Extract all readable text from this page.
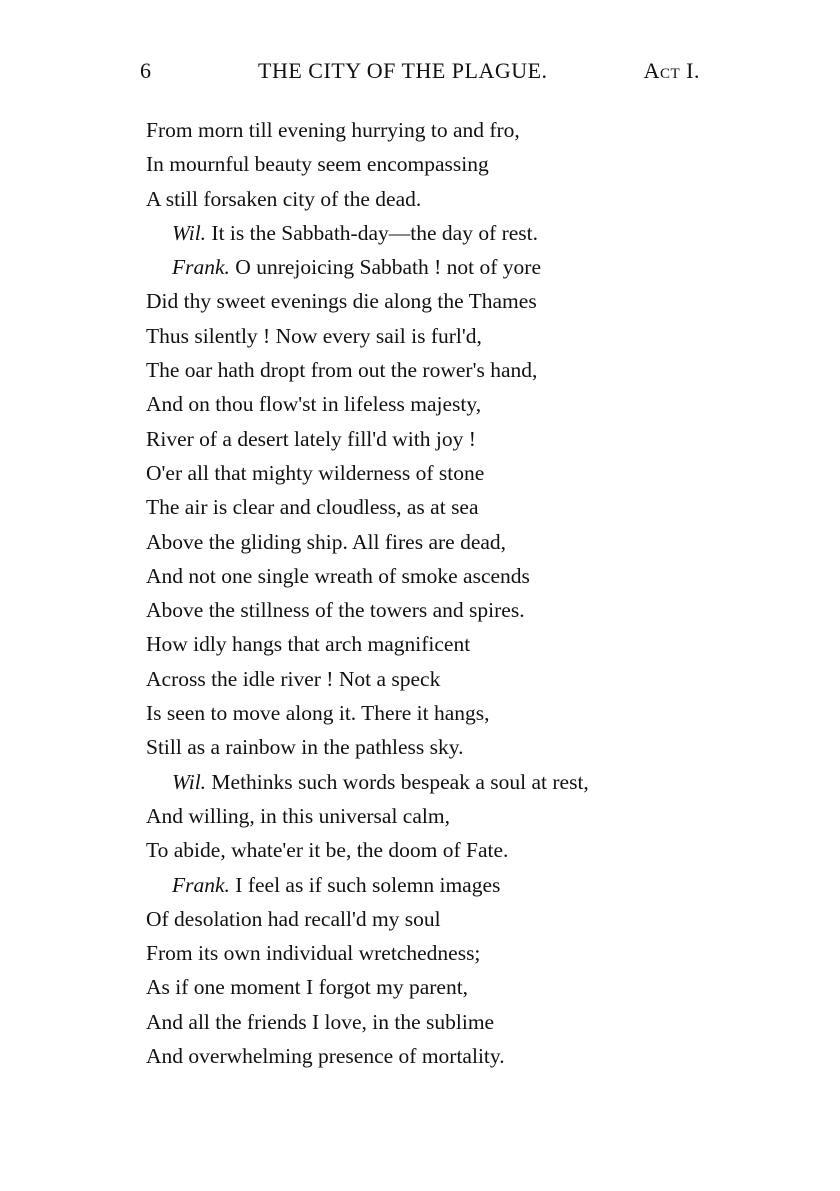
6	THE CITY OF THE PLAGUE.	Act I.
From morn till evening hurrying to and fro,
In mournful beauty seem encompassing
A still forsaken city of the dead.
Wil. It is the Sabbath-day—the day of rest.
Frank. O unrejoicing Sabbath ! not of yore
Did thy sweet evenings die along the Thames
Thus silently ! Now every sail is furl'd,
The oar hath dropt from out the rower's hand,
And on thou flow'st in lifeless majesty,
River of a desert lately fill'd with joy !
O'er all that mighty wilderness of stone
The air is clear and cloudless, as at sea
Above the gliding ship. All fires are dead,
And not one single wreath of smoke ascends
Above the stillness of the towers and spires.
How idly hangs that arch magnificent
Across the idle river ! Not a speck
Is seen to move along it. There it hangs,
Still as a rainbow in the pathless sky.
Wil. Methinks such words bespeak a soul at rest,
And willing, in this universal calm,
To abide, whate'er it be, the doom of Fate.
Frank. I feel as if such solemn images
Of desolation had recall'd my soul
From its own individual wretchedness;
As if one moment I forgot my parent,
And all the friends I love, in the sublime
And overwhelming presence of mortality.
